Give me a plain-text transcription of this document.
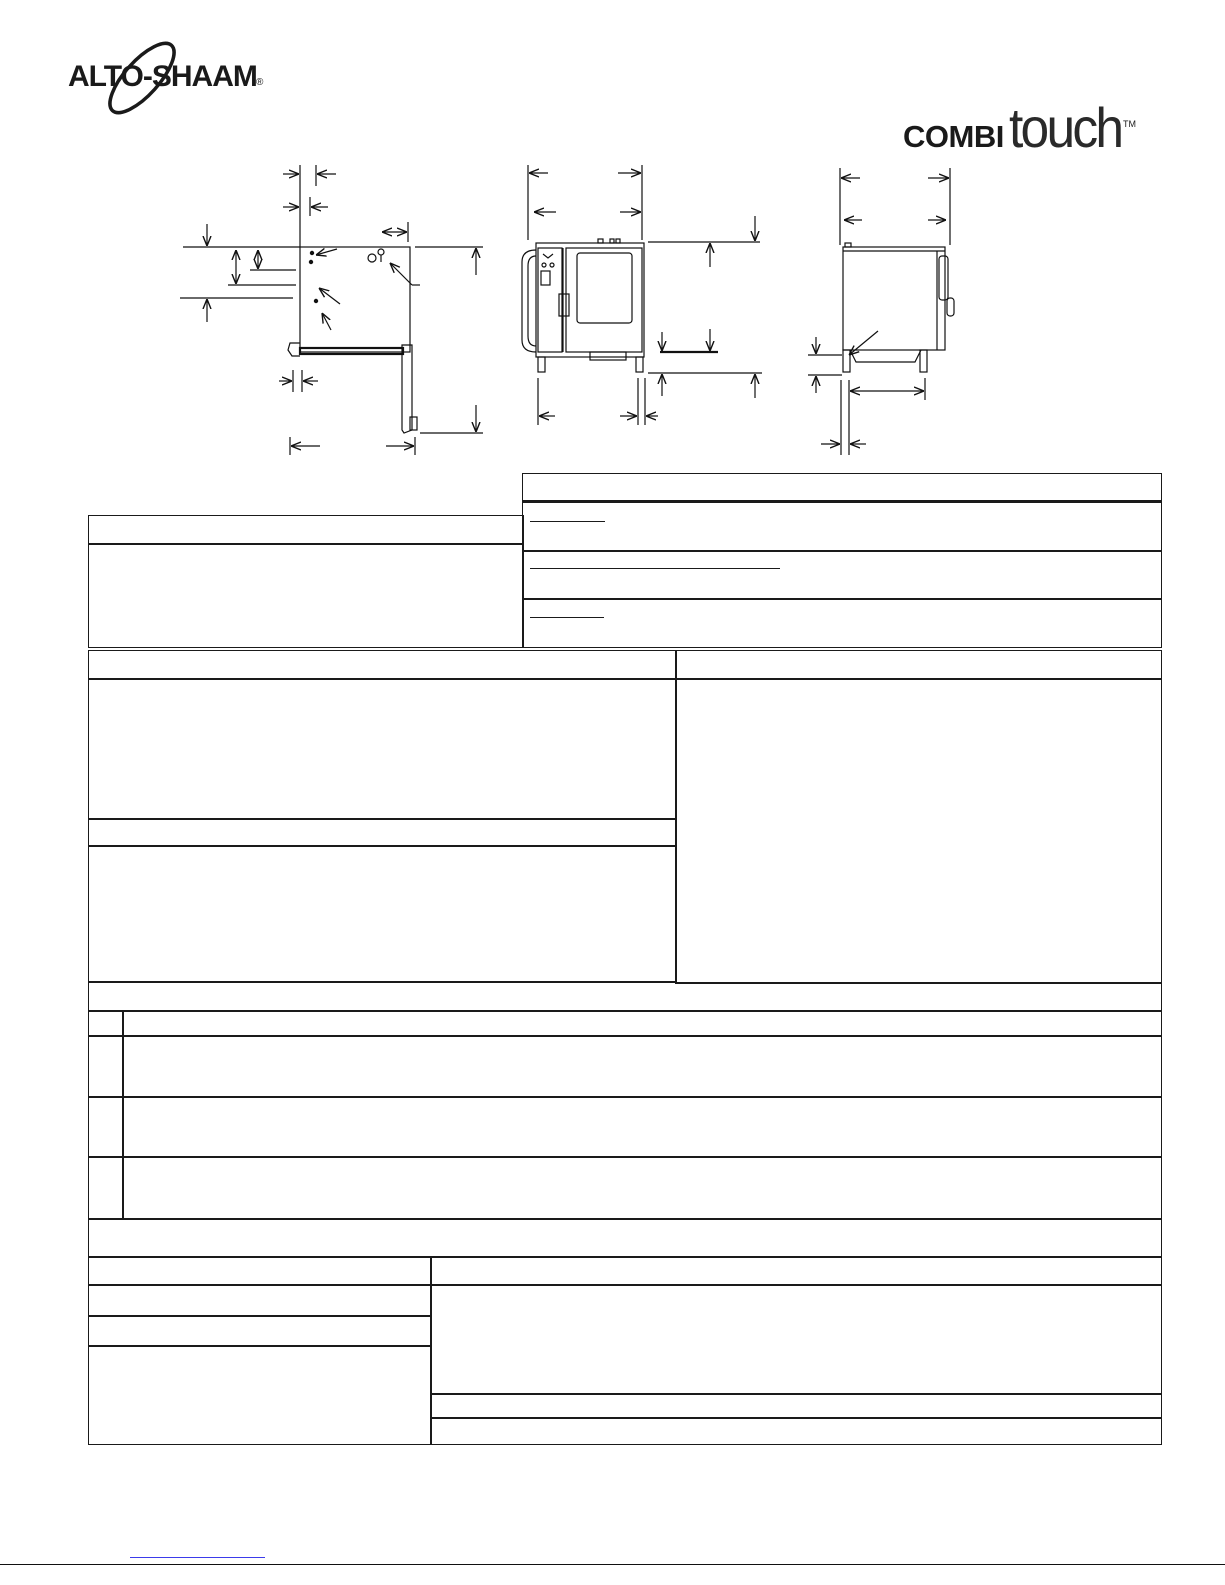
ALTO-SHAAM ®
COMBI touch TM
